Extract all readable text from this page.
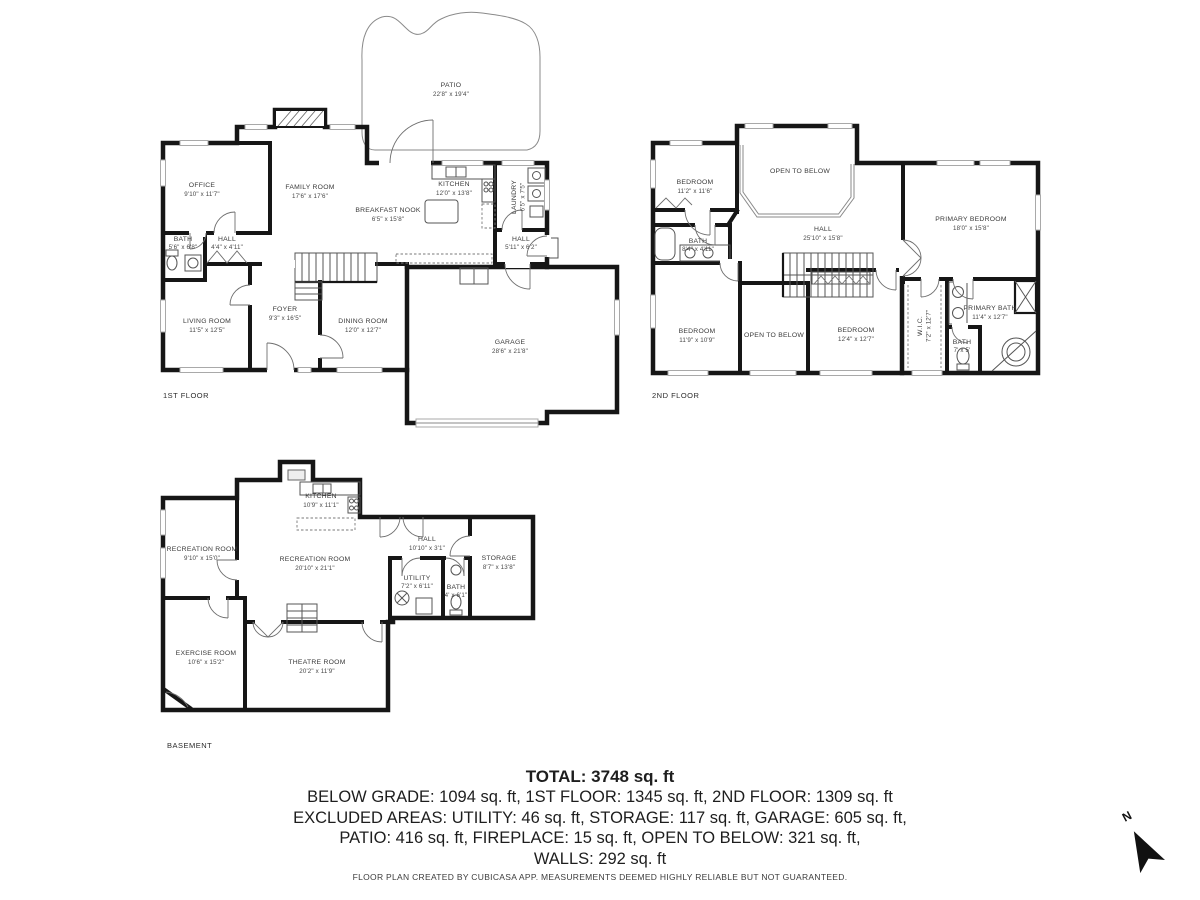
PATIO
22'8" x 19'4"
OFFICE
9'10" x 11'7"
FAMILY ROOM
17'6" x 17'6"
KITCHEN
12'0" x 13'8"	LAUNDRY 6'5" x 7'5"
BREAKFAST NOOK
6'5" x 15'8"
HALL
5'11" x 6'2"
BATH
5'6" x 6'8"
HALL
4'4" x 4'11"
LIVING ROOM
11'5" x 12'5"
FOYER
9'3" x 16'5"	DINING ROOM
12'0" x 12'7"
GARAGE
28'6" x 21'8"
1ST FLOOR
BEDROOM
11'2" x 11'6"
OPEN TO BELOW
PRIMARY BEDROOM
18'0" x 15'8"
BATH
8'4" x 4'11"
HALL
25'10" x 15'8"
BEDROOM
11'9" x 10'9"
OPEN TO BELOW
BEDROOM
12'4" x 12'7"
W.I.C. 7'2" x 12'7"
PRIMARY BATH
11'4" x 12'7"
BATH
7' x 5'
2ND FLOOR
KITCHEN
10'9" x 11'1"
RECREATION ROOM
9'10" x 15'0"	RECREATION ROOM
20'10" x 21'1"
HALL
10'10" x 3'1"
STORAGE
8'7" x 13'8"
UTILITY
7'2" x 6'11" BATH
4' x 6'1"
EXERCISE ROOM
10'6" x 15'2"	THEATRE ROOM
20'2" x 11'9"
BASEMENT
TOTAL: 3748 sq. ft
BELOW GRADE: 1094 sq. ft, 1ST FLOOR: 1345 sq. ft, 2ND FLOOR: 1309 sq. ft
EXCLUDED AREAS: UTILITY: 46 sq. ft, STORAGE: 117 sq. ft, GARAGE: 605 sq. ft,
PATIO: 416 sq. ft, FIREPLACE: 15 sq. ft, OPEN TO BELOW: 321 sq. ft,
WALLS: 292 sq. ft
FLOOR PLAN CREATED BY CUBICASA APP. MEASUREMENTS DEEMED HIGHLY RELIABLE BUT NOT GUARANTEED.
N
